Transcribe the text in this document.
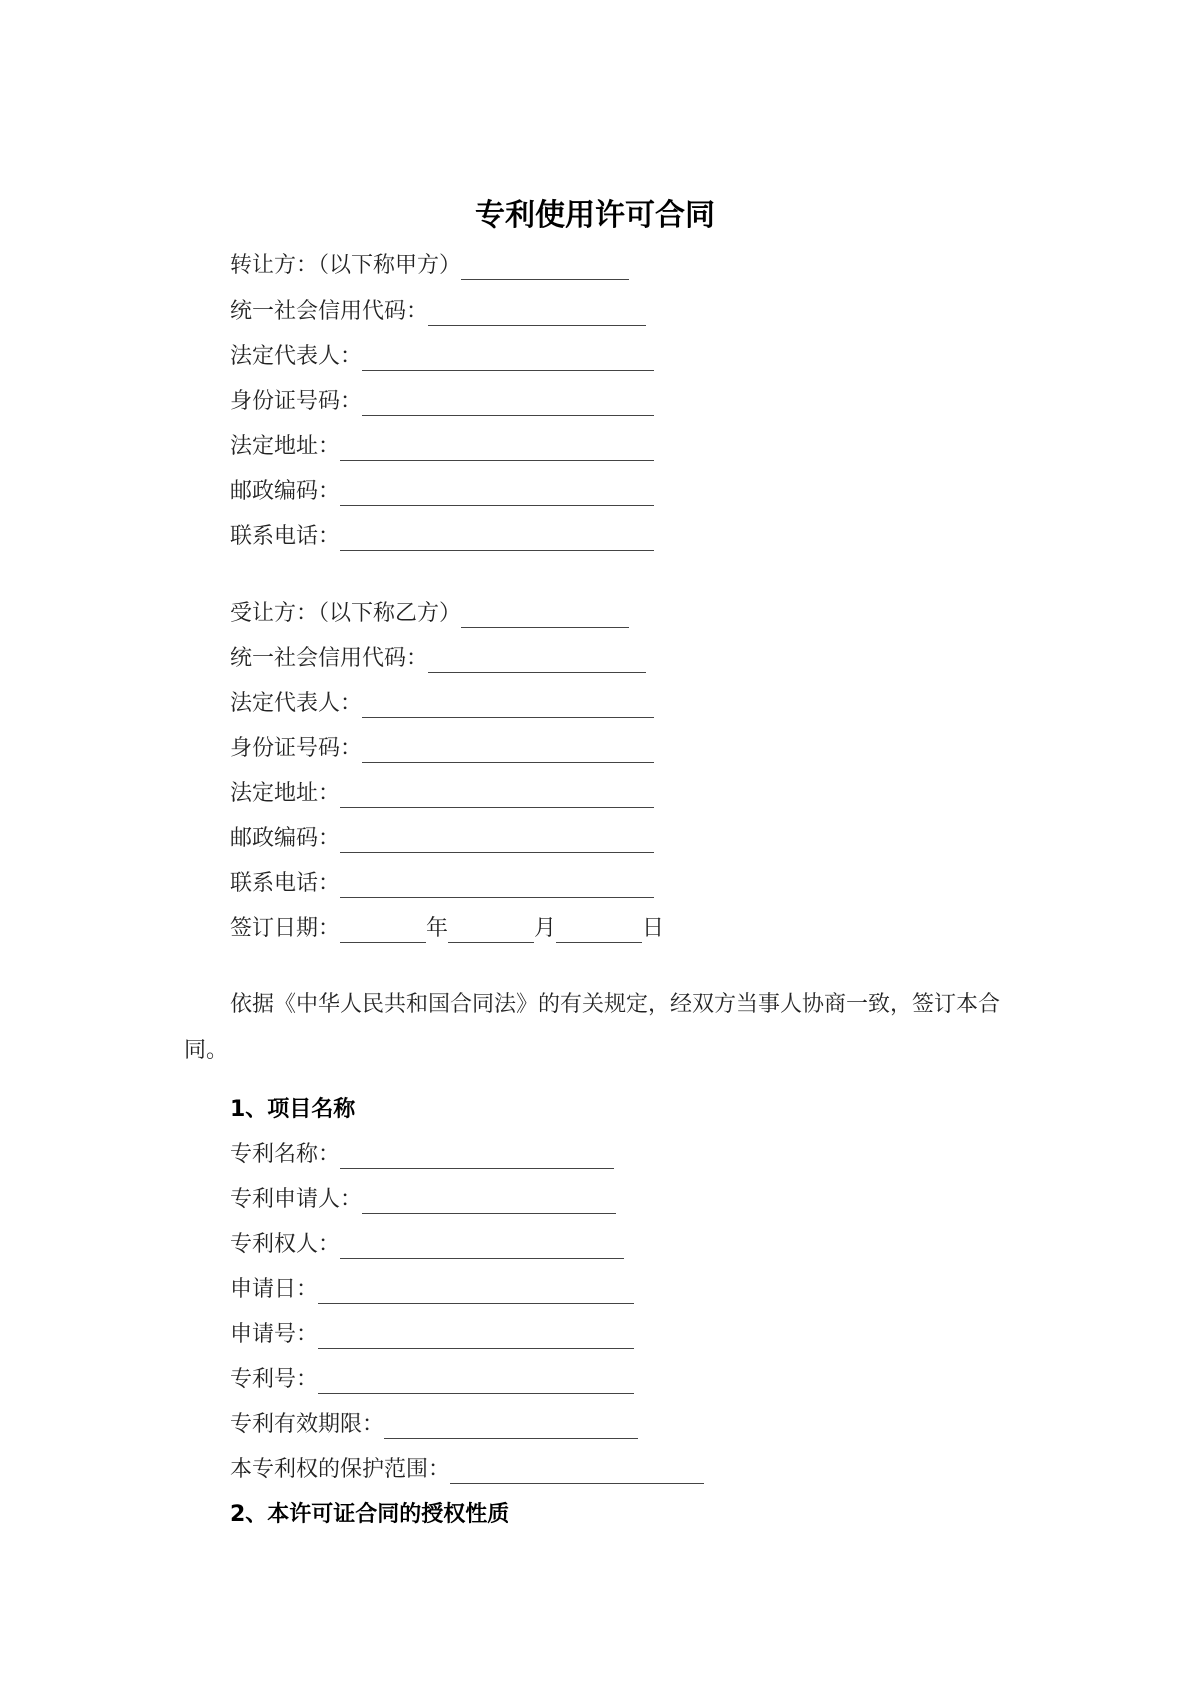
专利使用许可合同
转让方：（以下称甲方）
统一社会信用代码：
法定代表人：
身份证号码：
法定地址：
邮政编码：
联系电话：
受让方：（以下称乙方）
统一社会信用代码：
法定代表人：
身份证号码：
法定地址：
邮政编码：
联系电话：
签订日期：	年	月	日
依据《中华人民共和国合同法》的有关规定，经双方当事人协商一致，签订本合同。
1、项目名称
专利名称：
专利申请人：
专利权人：
申请日：
申请号：
专利号：
专利有效期限：
本专利权的保护范围：
2、本许可证合同的授权性质
